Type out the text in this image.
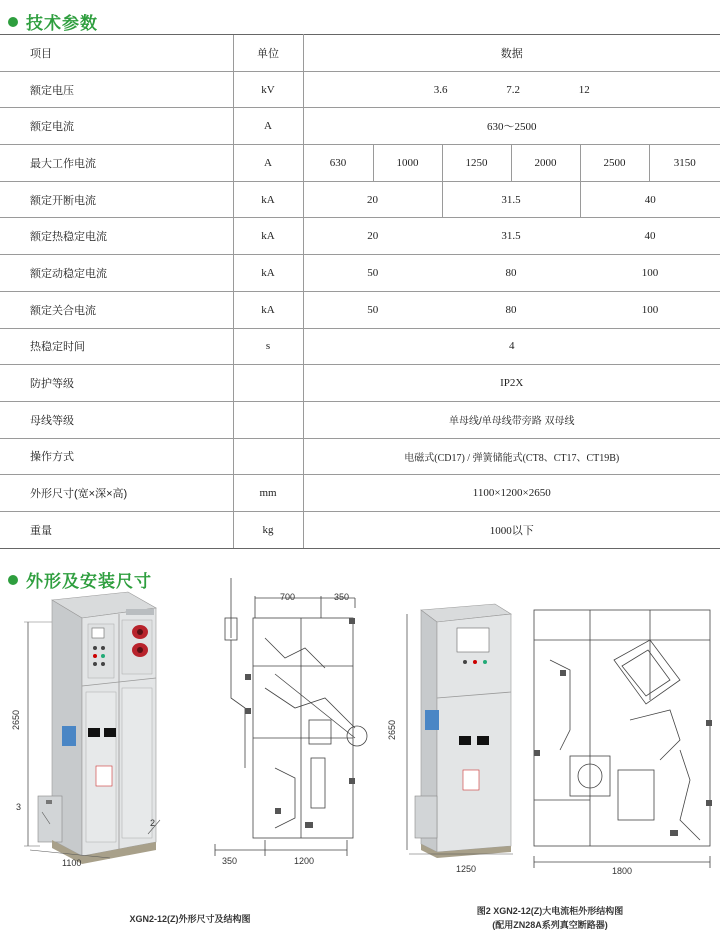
技术参数
项目	单位	数据					
额定电压	kV	3.6 7.2 12					
额定电流	A	630～2500					
最大工作电流	A	630	1000	1250	2000	2500	3150
额定开断电流	kA	20		31.5		40	
额定热稳定电流	kA	20		31.5		40	
额定动稳定电流	kA	50		80		100	
额定关合电流	kA	50		80		100	
热稳定时间	s	4					
防护等级		IP2X					
母线等级		单母线/单母线带旁路 双母线					
操作方式		电磁式(CD17) / 弹簧储能式(CT8、CT17、CT19B)					
外形尺寸(宽×深×高)	mm	1100×1200×2650					
重量	kg	1000以下					
外形及安装尺寸
2650
1100
3
2
700	350
350	1200
XGN2-12(Z)外形尺寸及结构图
2650
1250	1800
图2 XGN2-12(Z)大电流柜外形结构图
(配用ZN28A系列真空断路器)
